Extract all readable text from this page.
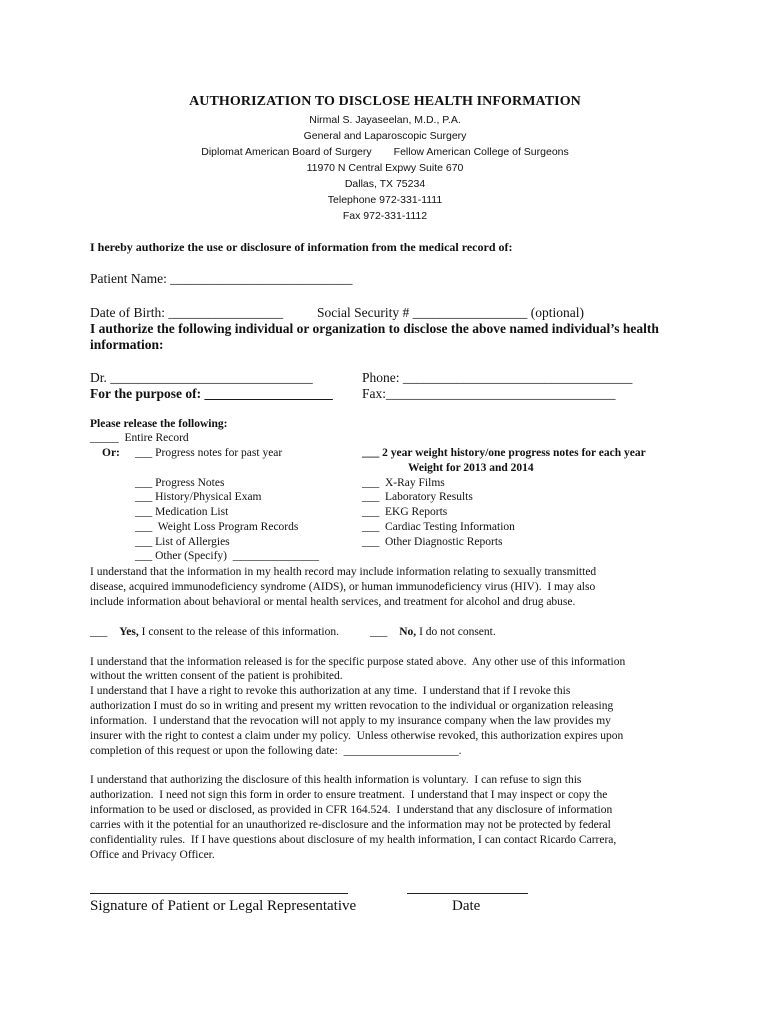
AUTHORIZATION TO DISCLOSE HEALTH INFORMATION
Nirmal S. Jayaseelan, M.D., P.A.
General and Laparoscopic Surgery
Diplomat American Board of Surgery Fellow American College of Surgeons
11970 N Central Expwy Suite 670
Dallas, TX 75234
Telephone 972-331-1111
Fax 972-331-1112
I hereby authorize the use or disclosure of information from the medical record of:
Patient Name: ___________________________
Date of Birth: _________________	Social Security # _________________ (optional)
I authorize the following individual or organization to disclose the above named individual’s health
information:
Dr. ______________________________	Phone: __________________________________
For the purpose of: ___________________ Fax:__________________________________
Please release the following:
_____  Entire Record
Or: ___ Progress notes for past year
___ Progress Notes
___ History/Physical Exam
___ Medication List
___  Weight Loss Program Records
___ List of Allergies
___ Other (Specify)  _______________
___ 2 year weight history/one progress notes for each year
Weight for 2013 and 2014
___  X-Ray Films
___  Laboratory Results
___  EKG Reports
___  Cardiac Testing Information
___  Other Diagnostic Reports
I understand that the information in my health record may include information relating to sexually transmitted
disease, acquired immunodeficiency syndrome (AIDS), or human immunodeficiency virus (HIV).  I may also
include information about behavioral or mental health services, and treatment for alcohol and drug abuse.
___ Yes, I consent to the release of this information.	___ No, I do not consent.
I understand that the information released is for the specific purpose stated above.  Any other use of this information
without the written consent of the patient is prohibited.
I understand that I have a right to revoke this authorization at any time.  I understand that if I revoke this
authorization I must do so in writing and present my written revocation to the individual or organization releasing
information.  I understand that the revocation will not apply to my insurance company when the law provides my
insurer with the right to contest a claim under my policy.  Unless otherwise revoked, this authorization expires upon
completion of this request or upon the following date:  ____________________.
I understand that authorizing the disclosure of this health information is voluntary.  I can refuse to sign this
authorization.  I need not sign this form in order to ensure treatment.  I understand that I may inspect or copy the
information to be used or disclosed, as provided in CFR 164.524.  I understand that any disclosure of information
carries with it the potential for an unauthorized re-disclosure and the information may not be protected by federal
confidentiality rules.  If I have questions about disclosure of my health information, I can contact Ricardo Carrera,
Office and Privacy Officer.
Signature of Patient or Legal Representative	Date
